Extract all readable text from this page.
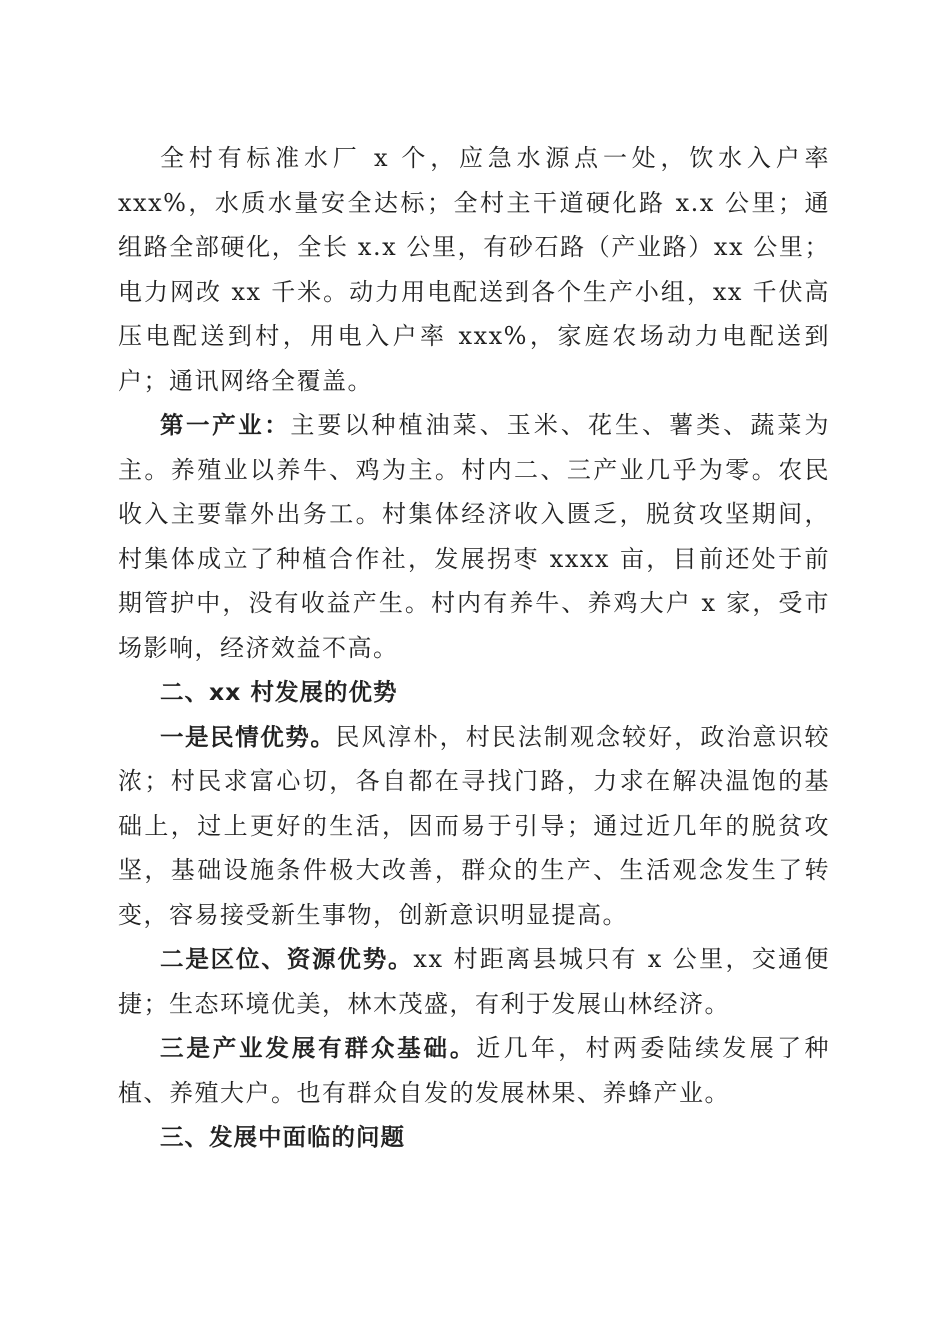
全村有标准水厂 x 个，应急水源点一处，饮水入户率 xxx%，水质水量安全达标；全村主干道硬化路 x.x 公里；通组路全部硬化，全长 x.x 公里，有砂石路（产业路）xx 公里；电力网改 xx 千米。动力用电配送到各个生产小组，xx 千伏高压电配送到村，用电入户率 xxx%，家庭农场动力电配送到户；通讯网络全覆盖。

第一产业：主要以种植油菜、玉米、花生、薯类、蔬菜为主。养殖业以养牛、鸡为主。村内二、三产业几乎为零。农民收入主要靠外出务工。村集体经济收入匮乏，脱贫攻坚期间，村集体成立了种植合作社，发展拐枣 xxxx 亩，目前还处于前期管护中，没有收益产生。村内有养牛、养鸡大户 x 家，受市场影响，经济效益不高。

二、xx 村发展的优势

一是民情优势。民风淳朴，村民法制观念较好，政治意识较浓；村民求富心切，各自都在寻找门路，力求在解决温饱的基础上，过上更好的生活，因而易于引导；通过近几年的脱贫攻坚，基础设施条件极大改善，群众的生产、生活观念发生了转变，容易接受新生事物，创新意识明显提高。

二是区位、资源优势。xx 村距离县城只有 x 公里，交通便捷；生态环境优美，林木茂盛，有利于发展山林经济。

三是产业发展有群众基础。近几年，村两委陆续发展了种植、养殖大户。也有群众自发的发展林果、养蜂产业。

三、发展中面临的问题
